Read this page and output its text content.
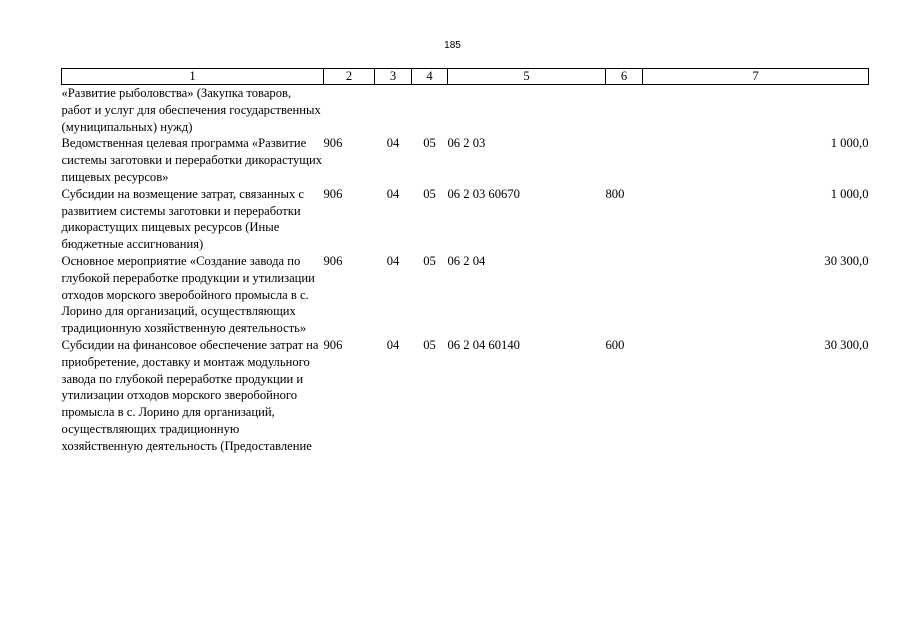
185
1	2	3	4	5	6	7
«Развитие рыболовства» (Закупка товаров, работ и услуг для обеспечения государственных (муниципальных) нужд)						
Ведомственная целевая программа «Развитие системы заготовки и переработки дикорастущих пищевых ресурсов»	906	04	05	06 2 03		1 000,0
Субсидии на возмещение затрат, связанных с развитием системы заготовки и переработки дикорастущих пищевых ресурсов (Иные бюджетные ассигнования)	906	04	05	06 2 03 60670	800	1 000,0
Основное мероприятие «Создание завода по глубокой переработке продукции и утилизации отходов морского зверобойного промысла в с. Лорино для организаций, осуществляющих традиционную хозяйственную деятельность»	906	04	05	06 2 04		30 300,0
Субсидии на финансовое обеспечение затрат на приобретение, доставку и монтаж модульного завода по глубокой переработке продукции и утилизации отходов морского зверобойного промысла в с. Лорино для организаций, осуществляющих традиционную хозяйственную деятельность (Предоставление	906	04	05	06 2 04 60140	600	30 300,0
